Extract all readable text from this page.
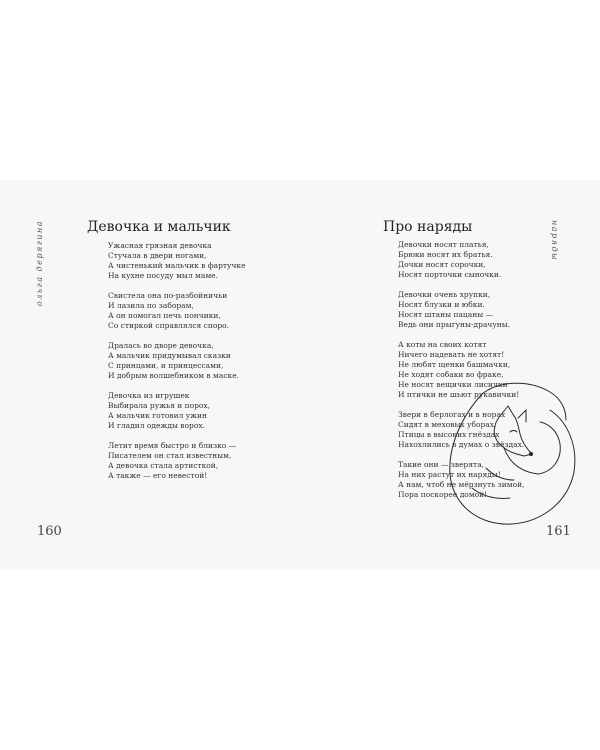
ольга дерягина	Девочка и мальчик
Ужасная грязная девочка
Стучала в двери ногами,
А чистенький мальчик в фартучке
На кухне посуду мыл маме.
Свистела она по-разбойничьи
И лазила по заборам,
А он помогал печь пончики,
Со стиркой справлялся споро.
Дралась во дворе девочка,
А мальчик придумывал сказки
С принцами, и принцессами,
И добрым волшебником в маске.
Девочка из игрушек
Выбирала ружья и порох,
А мальчик готовил ужин
И гладил одежды ворох.
Летит время быстро и близко —
Писателем он стал известным,
А девочка стала артисткой,
А также — его невестой!
160
наряды
Про наряды
Девочки носят платья,
Брюки носят их братья.
Дочки носят сорочки,
Носят порточки сыночки.
Девочки очень хрупки,
Носят блузки и юбки.
Носят штаны пацаны —
Ведь они прыгуны-драчуны.
А коты на своих котят
Ничего надевать не хотят!
Не любят щенки башмачки,
Не ходят собаки во фраке,
Не носят вещички лисички
И птички не шьют рукавички!
Звери в берлогах и в норах
Сидят в меховых уборах,
Птицы в высоких гнёздах
Нахохлились в думах о звёздах.
Такие они — зверята,
На них растут их наряды!
А нам, чтоб не мёрзнуть зимой,
Пора поскорее домой!
161
